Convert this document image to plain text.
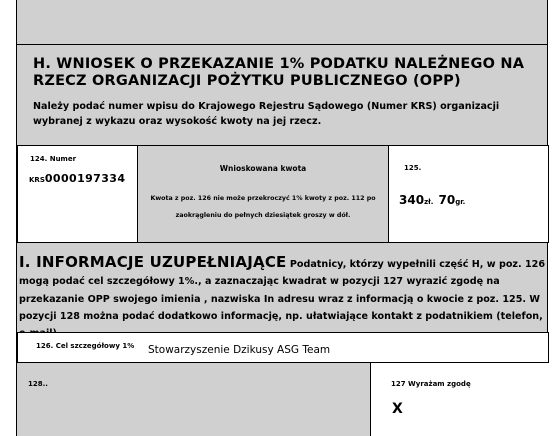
H. WNIOSEK O PRZEKAZANIE 1% PODATKU NALEŻNEGO NA RZECZ ORGANIZACJI POŻYTKU PUBLICZNEGO (OPP)
Należy podać numer wpisu do Krajowego Rejestru Sądowego (Numer KRS) organizacji wybranej z wykazu oraz wysokość kwoty na jej rzecz.
124. Numer
KRS0000197334
Wnioskowana kwota
Kwota z poz. 126 nie może przekroczyć 1% kwoty z poz. 112 po zaokrągleniu do pełnych dziesiątek groszy w dół.
125.
340zł. 70gr.
I. INFORMACJE UZUPEŁNIAJĄCE Podatnicy, którzy wypełnili część H, w poz. 126 mogą podać cel szczegółowy 1%., a zaznaczając kwadrat w pozycji 127 wyrazić zgodę na przekazanie OPP swojego imienia , nazwiska In adresu wraz z informacją o kwocie z poz. 125. W pozycji 128 można podać dodatkowo informację, np. ułatwiające kontakt z podatnikiem (telefon,
126. Cel szczegółowy 1% Stowarzyszenie Dzikusy ASG Team
128..	127 Wyrażam zgodę
X
